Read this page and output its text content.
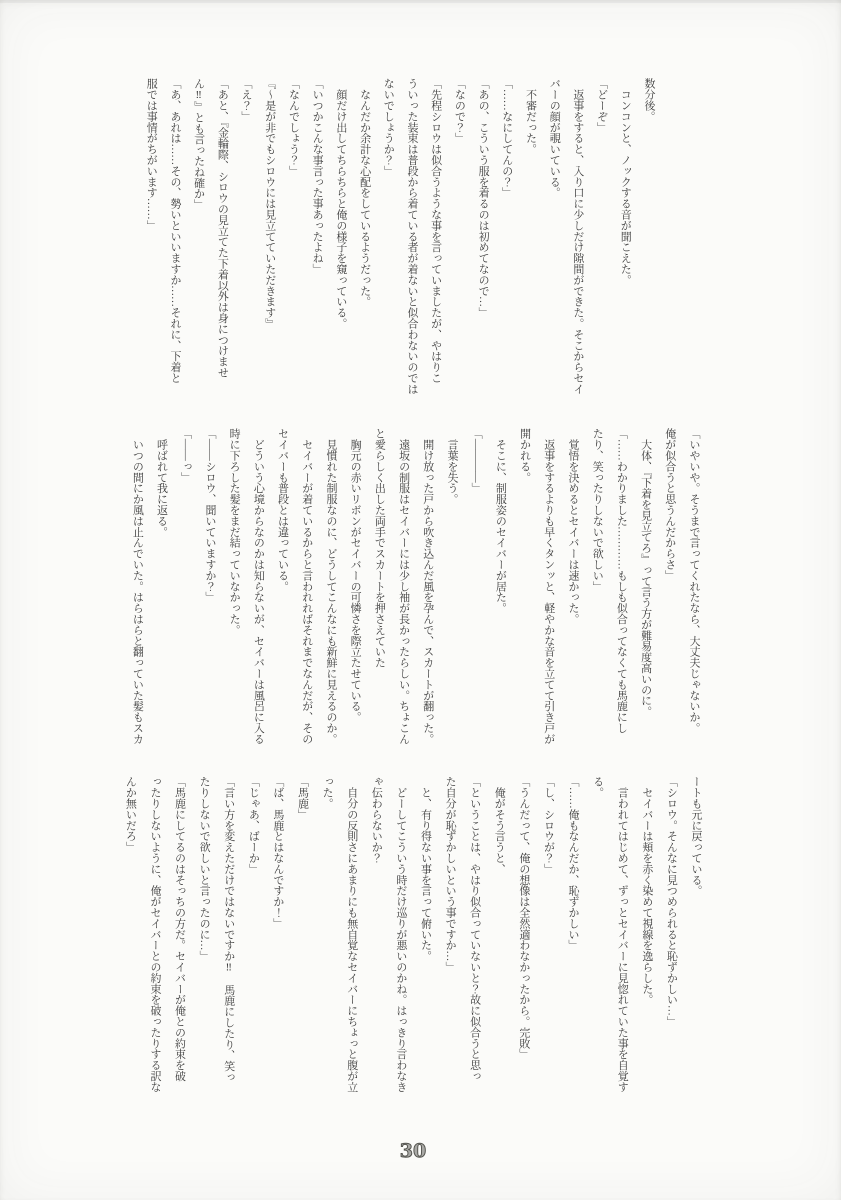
数分後。
　コンコンと、ノックする音が聞こえた。
「どーぞ」
　返事をすると、入り口に少しだけ隙間ができた。そこからセイ
バーの顔が覗いている。
　不審だった。
「……なにしてんの？」
「あの、こういう服を着るのは初めてなので…」
「なので？」
「先程シロウは似合うような事を言っていましたが、やはりこ
ういった装束は普段から着ている者が着ないと似合わないのでは
ないでしょうか？」
　なんだか余計な心配をしているようだった。
　顔だけ出してちらちらと俺の様子を窺っている。
「いつかこんな事言った事あったよね」
「なんでしょう？」
『〜是が非でもシロウには見立てていただきます』
「え？」
「あと、『金輪際、シロウの見立てた下着以外は身につけませ
ん‼』とも言ったね確か」
「あ、あれは……その、勢いといいますか……それに、下着と
服では事情がちがいます……」
「いやいや。そうまで言ってくれたなら、大丈夫じゃないか。
俺が似合うと思うんだからさ」
　大体、『下着を見立てろ』って言う方が難易度高いのに。
「……わかりました…………もしも似合ってなくても馬鹿にし
たり、笑ったりしないで欲しい」
　覚悟を決めるとセイバーは速かった。
　返事をするよりも早くタンッと、軽やかな音を立てて引き戸が
開かれる。
　そこに、制服姿のセイバーが居た。
「――――」
　言葉を失う。
　開け放った戸から吹き込んだ風を孕んで、スカートが翻った。
　遠坂の制服はセイバーには少し袖が長かったらしい。ちょこん
と愛らしく出した両手でスカートを押さえていた
　胸元の赤いリボンがセイバーの可憐さを際立たせている。
　見慣れた制服なのに、どうしてこんなにも新鮮に見えるのか。
　セイバーが着ているからと言われればそれまでなんだが、その
セイバーも普段とは違っている。
　どういう心境からなのかは知らないが、セイバーは風呂に入る
時に下ろした髪をまだ結っていなかった。
「――シロウ、聞いていますか？」
「――っ」
　呼ばれて我に返る。
　いつの間にか風は止んでいた。はらはらと翻っていた髪もスカ
ートも元に戻っている。
「シロウ。そんなに見つめられると恥ずかしい…」
　セイバーは頬を赤く染めて視線を逸らした。
　言われてはじめて、ずっとセイバーに見惚れていた事を自覚す
る。
「……俺もなんだか、恥ずかしい」
「し、シロウが？」
「うんだって、俺の想像は全然適わなかったから。完敗」
　俺がそう言うと、
「ということは、やはり似合っていないと？故に似合うと思っ
た自分が恥ずかしいという事ですか…」
　と、有り得ない事を言って俯いた。
　どーしてこういう時だけ巡りが悪いのかね。はっきり言わなき
ゃ伝わらないか？
　自分の反則さにあまりにも無自覚なセイバーにちょっと腹が立
った。
「馬鹿」
「ば、馬鹿とはなんですか！」
「じゃあ、ばーか」
「言い方を変えただけではないですか‼　馬鹿にしたり、笑っ
たりしないで欲しいと言ったのに…」
「馬鹿にしてるのはそっちの方だ。セイバーが俺との約束を破
ったりしないように、俺がセイバーとの約束を破ったりする訳な
んか無いだろ」
30
